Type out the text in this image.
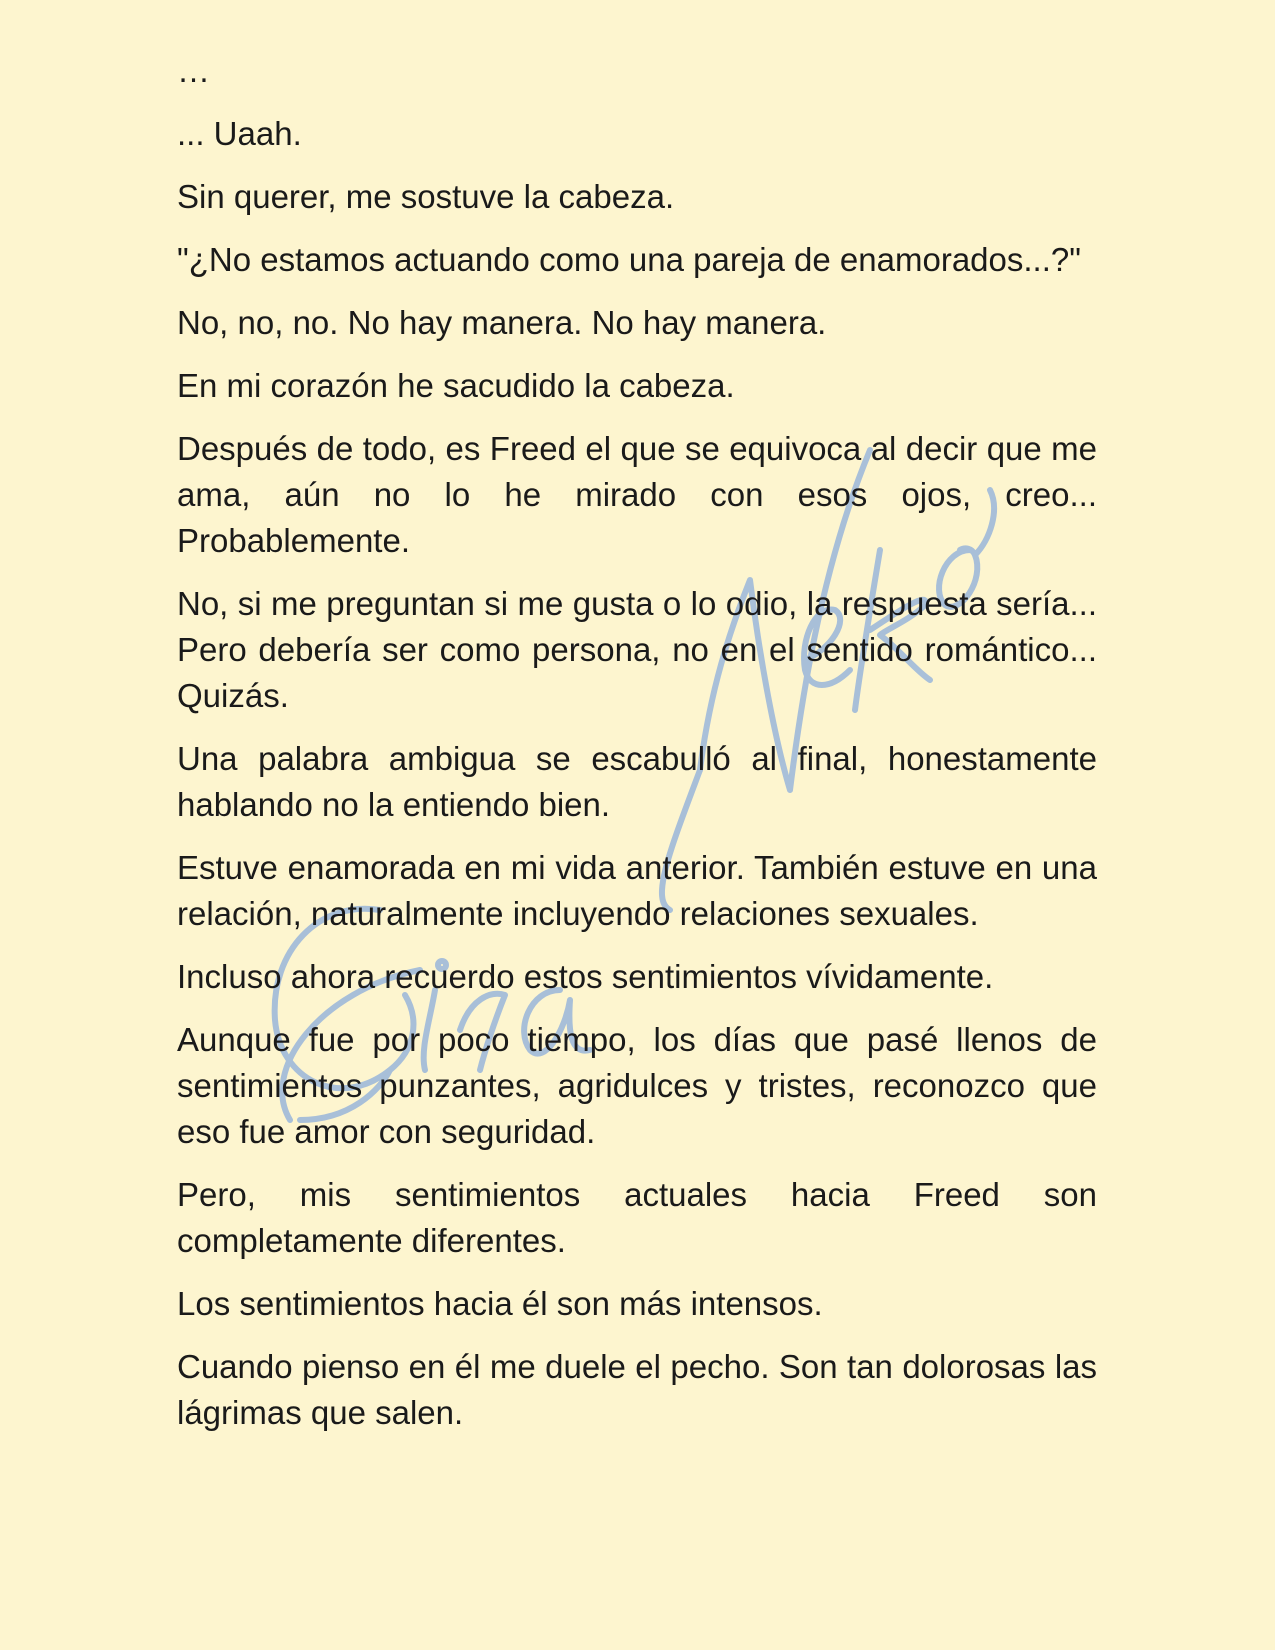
…

... Uaah.

Sin querer, me sostuve la cabeza.

"¿No estamos actuando como una pareja de enamorados...?"

No, no, no. No hay manera. No hay manera.

En mi corazón he sacudido la cabeza.

Después de todo, es Freed el que se equivoca al decir que me ama, aún no lo he mirado con esos ojos, creo... Probablemente.

No, si me preguntan si me gusta o lo odio, la respuesta sería... Pero debería ser como persona, no en el sentido romántico... Quizás.

Una palabra ambigua se escabulló al final, honestamente hablando no la entiendo bien.

Estuve enamorada en mi vida anterior. También estuve en una relación, naturalmente incluyendo relaciones sexuales.

Incluso ahora recuerdo estos sentimientos vívidamente.

Aunque fue por poco tiempo, los días que pasé llenos de sentimientos punzantes, agridulces y tristes, reconozco que eso fue amor con seguridad.

Pero, mis sentimientos actuales hacia Freed son completamente diferentes.

Los sentimientos hacia él son más intensos.

Cuando pienso en él me duele el pecho. Son tan dolorosas las lágrimas que salen.
